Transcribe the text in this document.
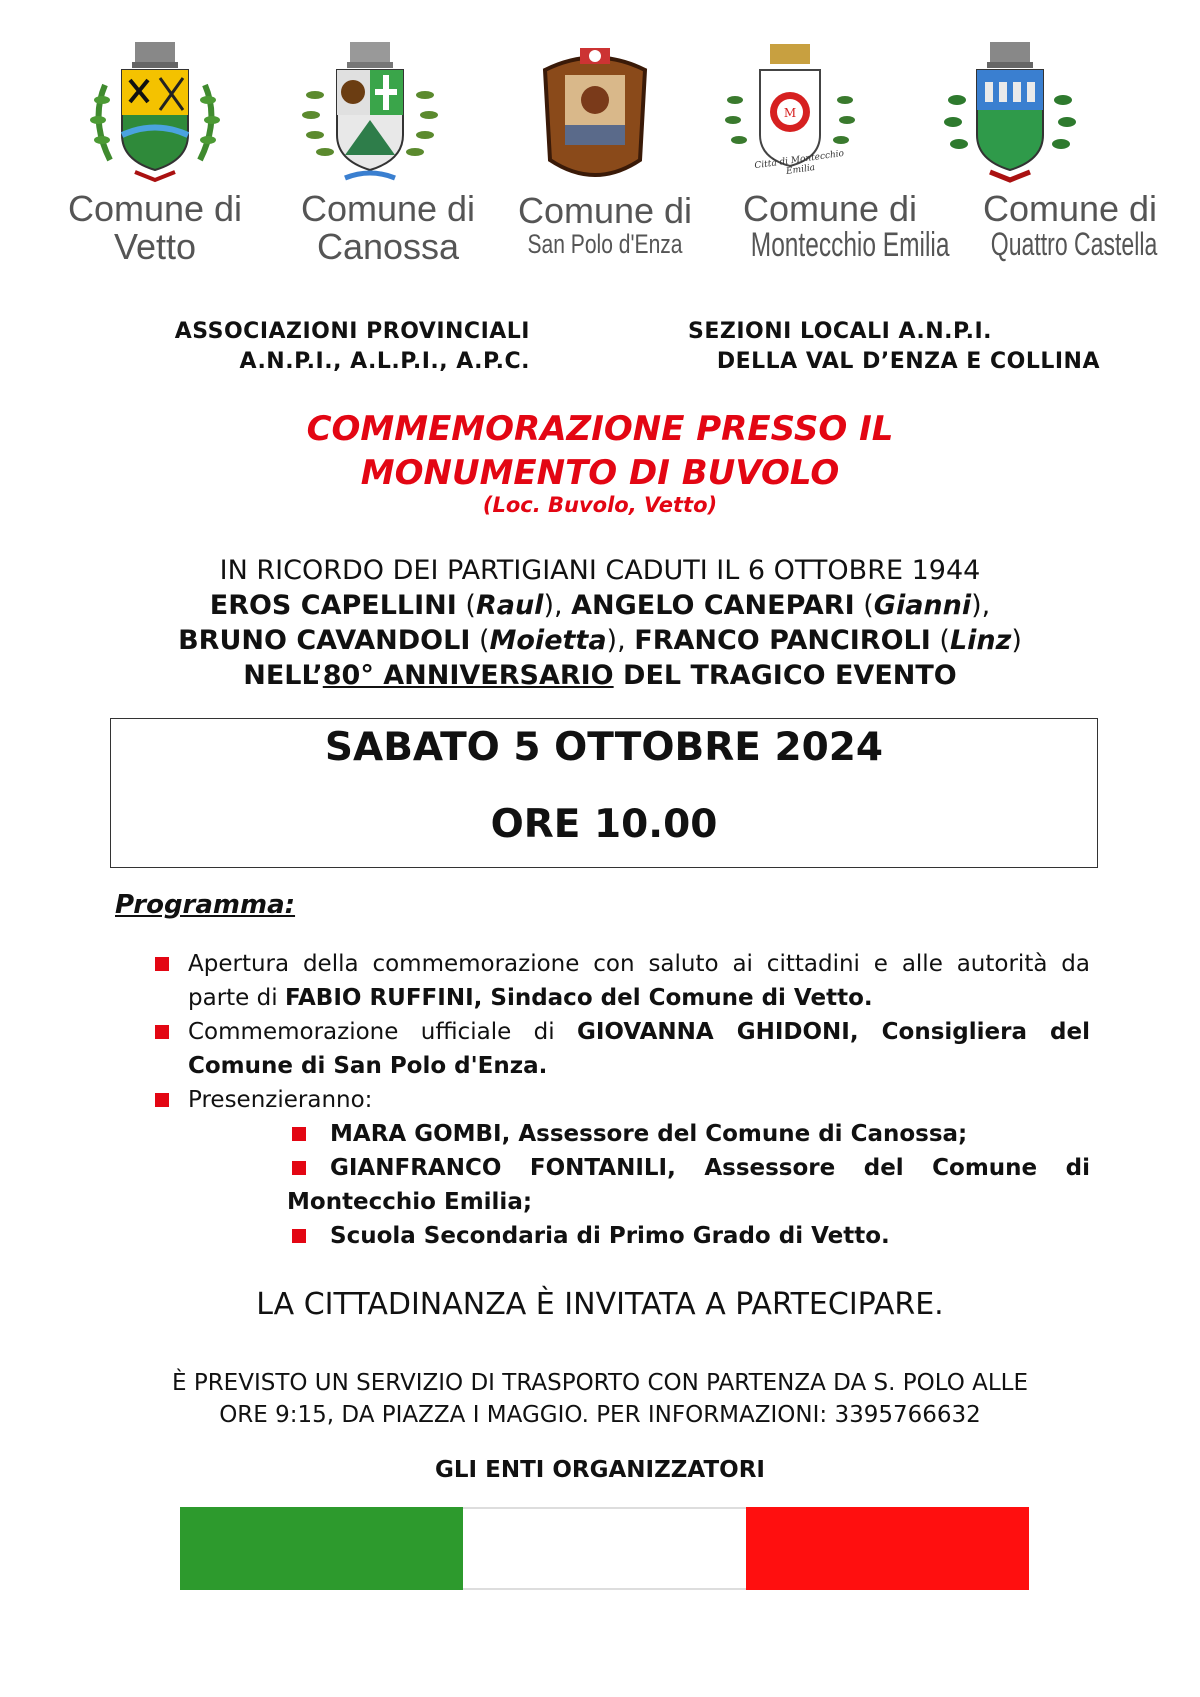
M
Città di Montecchio Emilia
Comune di
Vetto
Comune di
Canossa
Comune di
San Polo d'Enza
Comune di
Montecchio Emilia
Comune di
Quattro Castella
ASSOCIAZIONI PROVINCIALI
A.N.P.I., A.L.P.I., A.P.C.
SEZIONI LOCALI A.N.P.I.
DELLA VAL D’ENZA E COLLINA
COMMEMORAZIONE PRESSO IL
MONUMENTO DI BUVOLO
(Loc. Buvolo, Vetto)
IN RICORDO DEI PARTIGIANI CADUTI IL 6 OTTOBRE 1944
EROS CAPELLINI (Raul), ANGELO CANEPARI (Gianni),
BRUNO CAVANDOLI (Moietta), FRANCO PANCIROLI (Linz)
NELL’80° ANNIVERSARIO DEL TRAGICO EVENTO
SABATO 5 OTTOBRE 2024
ORE 10.00
Programma:
Apertura della commemorazione con saluto ai cittadini e alle autorità da parte di FABIO RUFFINI, Sindaco del Comune di Vetto.
Commemorazione ufficiale di GIOVANNA GHIDONI, Consigliera del Comune di San Polo d'Enza.
Presenzieranno:
MARA GOMBI, Assessore del Comune di Canossa;
GIANFRANCO FONTANILI, Assessore del Comune di Montecchio Emilia;
Scuola Secondaria di Primo Grado di Vetto.
LA CITTADINANZA È INVITATA A PARTECIPARE.
È PREVISTO UN SERVIZIO DI TRASPORTO CON PARTENZA DA S. POLO ALLE
ORE 9:15, DA PIAZZA I MAGGIO. PER INFORMAZIONI: 3395766632
GLI ENTI ORGANIZZATORI
